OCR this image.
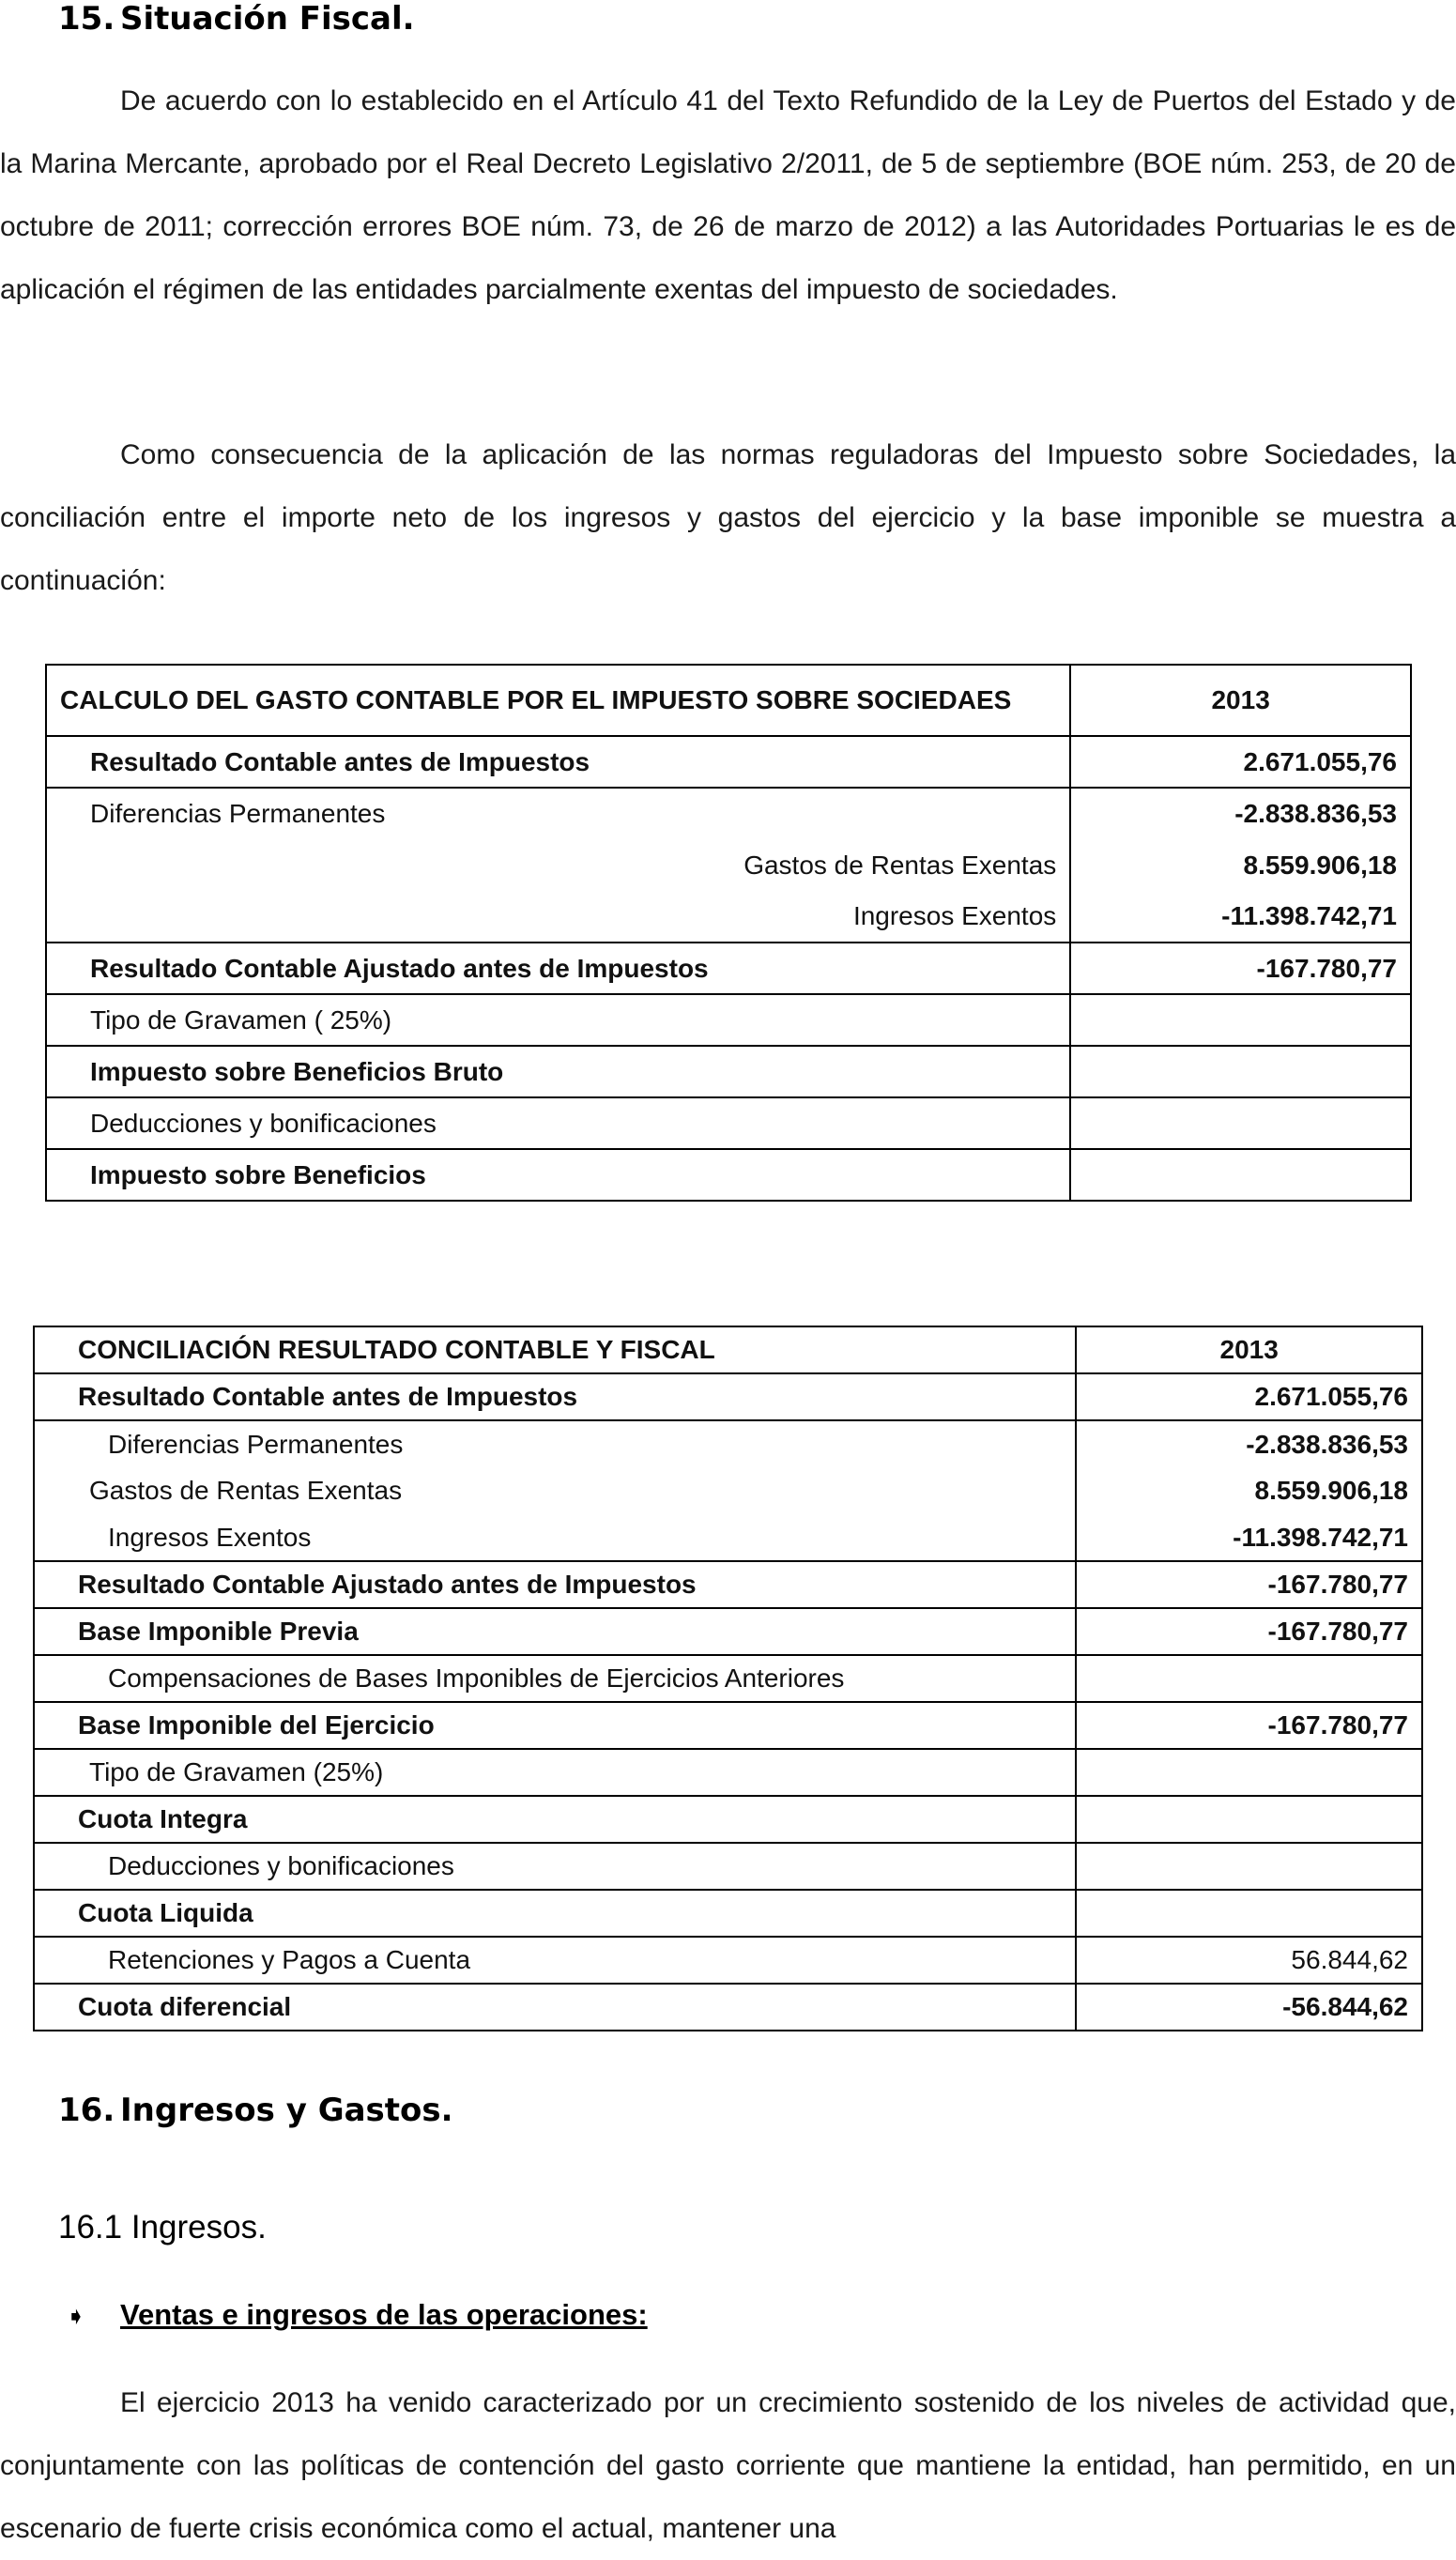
15. Situación Fiscal.

De acuerdo con lo establecido en el Artículo 41 del Texto Refundido de la Ley de Puertos del Estado y de la Marina Mercante, aprobado por el Real Decreto Legislativo 2/2011, de 5 de septiembre (BOE núm. 253, de 20 de octubre de 2011; corrección errores BOE núm. 73, de 26 de marzo de 2012) a las Autoridades Portuarias le es de aplicación el régimen de las entidades parcialmente exentas del impuesto de sociedades.

Como consecuencia de la aplicación de las normas reguladoras del Impuesto sobre Sociedades, la conciliación entre el importe neto de los ingresos y gastos del ejercicio y la base imponible se muestra a continuación:

CALCULO DEL GASTO CONTABLE POR EL IMPUESTO SOBRE SOCIEDAES	2013
Resultado Contable antes de Impuestos	2.671.055,76
Diferencias Permanentes	-2.838.836,53
Gastos de Rentas Exentas	8.559.906,18
Ingresos Exentos	-11.398.742,71
Resultado Contable Ajustado antes de Impuestos	-167.780,77
Tipo de Gravamen ( 25%)	
Impuesto sobre Beneficios Bruto	
Deducciones y bonificaciones	
Impuesto sobre Beneficios	
CONCILIACIÓN RESULTADO CONTABLE Y FISCAL	2013
Resultado Contable antes de Impuestos	2.671.055,76
Diferencias Permanentes	-2.838.836,53
Gastos de Rentas Exentas	8.559.906,18
Ingresos Exentos	-11.398.742,71
Resultado Contable Ajustado antes de Impuestos	-167.780,77
Base Imponible Previa	-167.780,77
Compensaciones de Bases Imponibles de Ejercicios Anteriores	
Base Imponible del Ejercicio	-167.780,77
Tipo de Gravamen (25%)	
Cuota Integra	
Deducciones y bonificaciones	
Cuota Liquida	
Retenciones y Pagos a Cuenta	56.844,62
Cuota diferencial	-56.844,62
16. Ingresos y Gastos.
16.1 Ingresos.
➧ Ventas e ingresos de las operaciones:

El ejercicio 2013 ha venido caracterizado por un crecimiento sostenido de los niveles de actividad que, conjuntamente con las políticas de contención del gasto corriente que mantiene la entidad, han permitido, en un escenario de fuerte crisis económica como el actual, mantener una
